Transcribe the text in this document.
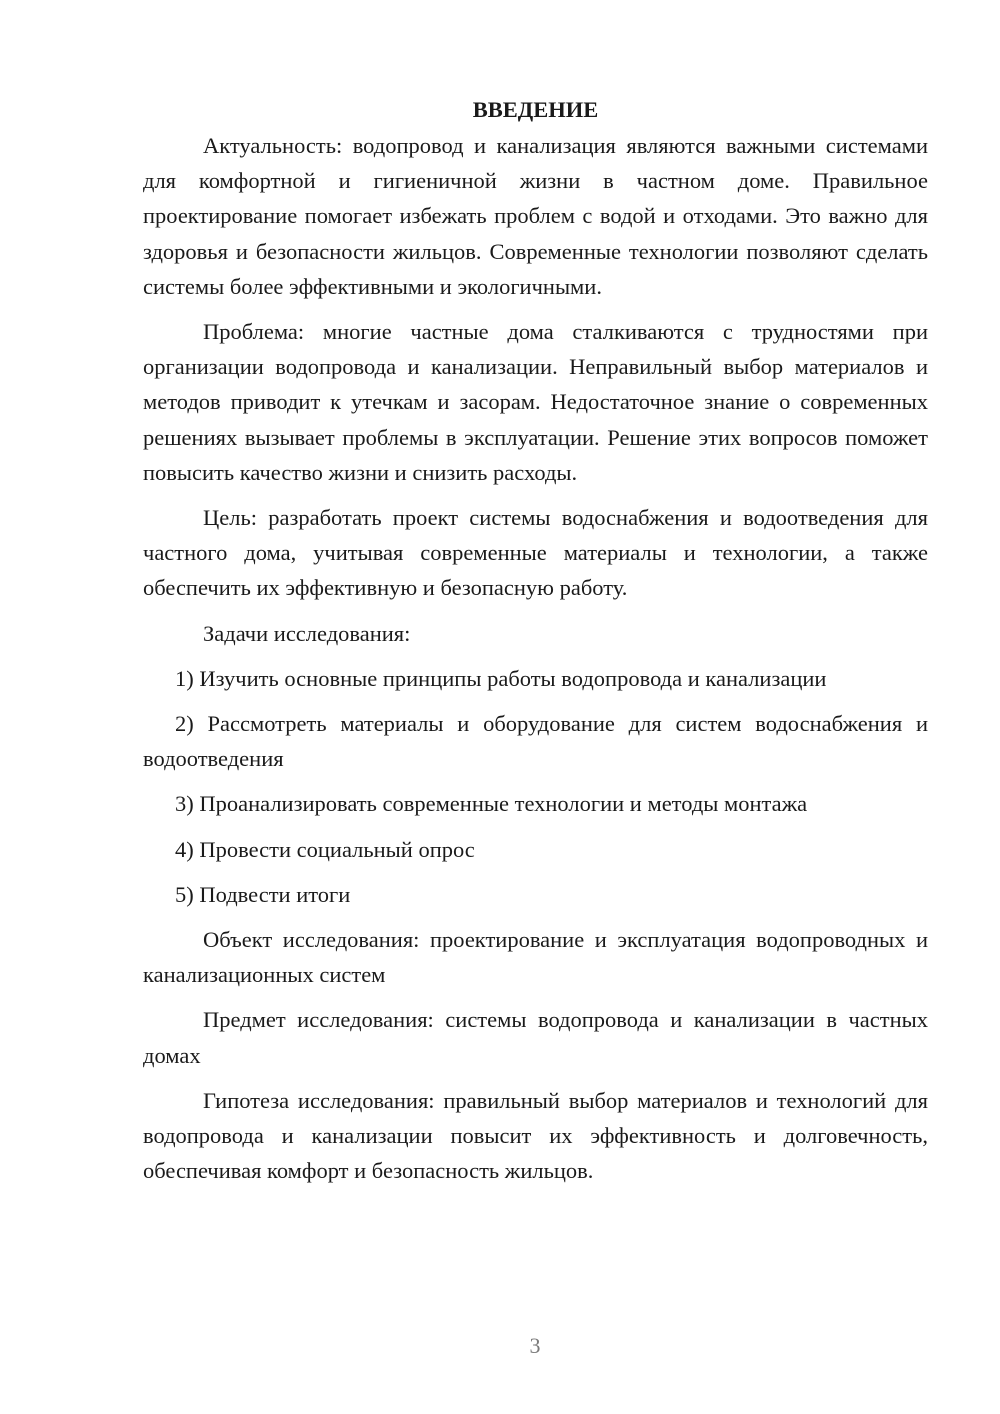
ВВЕДЕНИЕ

Актуальность: водопровод и канализация являются важными системами для комфортной и гигиеничной жизни в частном доме. Правильное проектирование помогает избежать проблем с водой и отходами. Это важно для здоровья и безопасности жильцов. Современные технологии позволяют сделать системы более эффективными и экологичными.

Проблема: многие частные дома сталкиваются с трудностями при организации водопровода и канализации. Неправильный выбор материалов и методов приводит к утечкам и засорам. Недостаточное знание о современных решениях вызывает проблемы в эксплуатации. Решение этих вопросов поможет повысить качество жизни и снизить расходы.

Цель: разработать проект системы водоснабжения и водоотведения для частного дома, учитывая современные материалы и технологии, а также обеспечить их эффективную и безопасную работу.

Задачи исследования:

1) Изучить основные принципы работы водопровода и канализации

2) Рассмотреть материалы и оборудование для систем водоснабжения и водоотведения

3) Проанализировать современные технологии и методы монтажа

4) Провести социальный опрос

5) Подвести итоги

Объект исследования: проектирование и эксплуатация водопроводных и канализационных систем

Предмет исследования: системы водопровода и канализации в частных домах

Гипотеза исследования: правильный выбор материалов и технологий для водопровода и канализации повысит их эффективность и долговечность, обеспечивая комфорт и безопасность жильцов.

3
